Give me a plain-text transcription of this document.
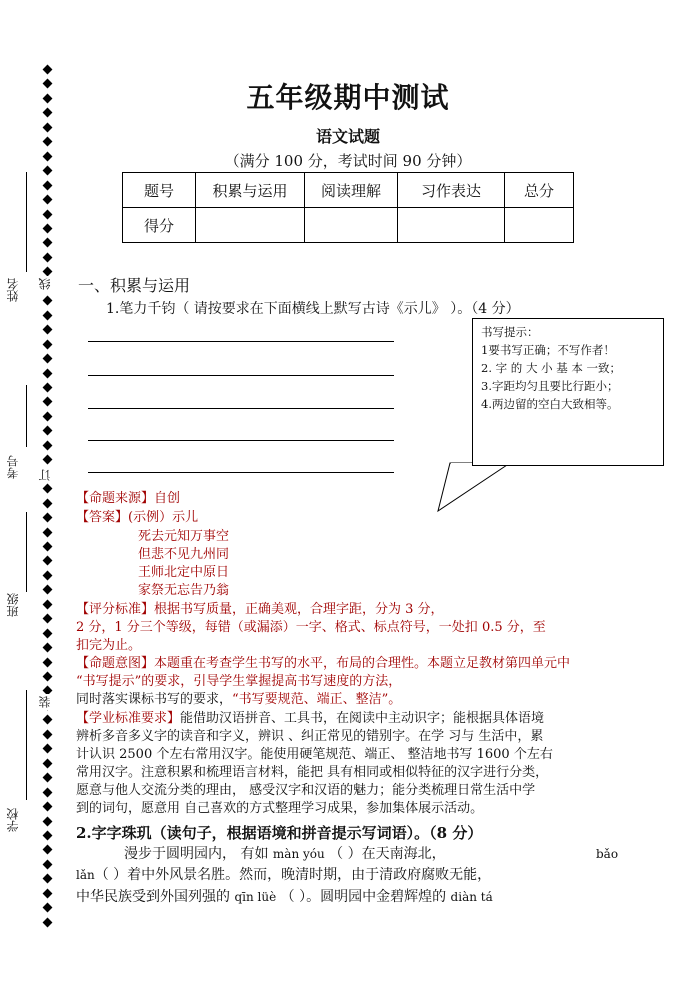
姓名
考号
班级
学校
线
订
装
五年级期中测试
语文试题
（满分 100 分，考试时间 90 分钟）
题号	积累与运用	阅读理解	习作表达	总分
得分				
一、积累与运用
1.笔力千钧（ 请按要求在下面横线上默写古诗《示儿》 ）。（4 分）
书写提示：
1要书写正确；不写作者！
2. 字 的 大 小 基 本 一致；
3.字距均匀且要比行距小；
4.两边留的空白大致相等。
【命题来源】自创
【答案】(示例）示儿
死去元知万事空
但悲不见九州同
王师北定中原日
家祭无忘告乃翁
【评分标准】根据书写质量，正确美观，合理字距，分为 3 分，
2 分，1 分三个等级，每错（或漏添）一字、格式、标点符号，一处扣 0.5 分，至
扣完为止。
【命题意图】本题重在考查学生书写的水平，布局的合理性。本题立足教材第四单元中
“书写提示”的要求，引导学生掌握提高书写速度的方法，
同时落实课标书写的要求，“书写要规范、端正、整洁”。
【学业标准要求】能借助汉语拼音、工具书，在阅读中主动识字；能根据具体语境
辨析多音多义字的读音和字义，辨识 、纠正常见的错别字。在学 习与 生活中，累
计认识 2500 个左右常用汉字。能使用硬笔规范、端正、 整洁地书写 1600 个左右
常用汉字。注意积累和梳理语言材料，能把 具有相同或相似特征的汉字进行分类，
愿意与他人交流分类的理由， 感受汉字和汉语的魅力；能分类梳理日常生活中学
到的词句，愿意用 自己喜欢的方式整理学习成果，参加集体展示活动。
2.字字珠玑（读句子，根据语境和拼音提示写词语）。（8 分）
漫步于圆明园内， 有如 màn yóu （ ）在天南海北，	bǎo
lǎn（ ）着中外风景名胜。然而，晚清时期，由于清政府腐败无能，
中华民族受到外国列强的 qīn lüè （ ）。圆明园中金碧辉煌的 diàn tá
